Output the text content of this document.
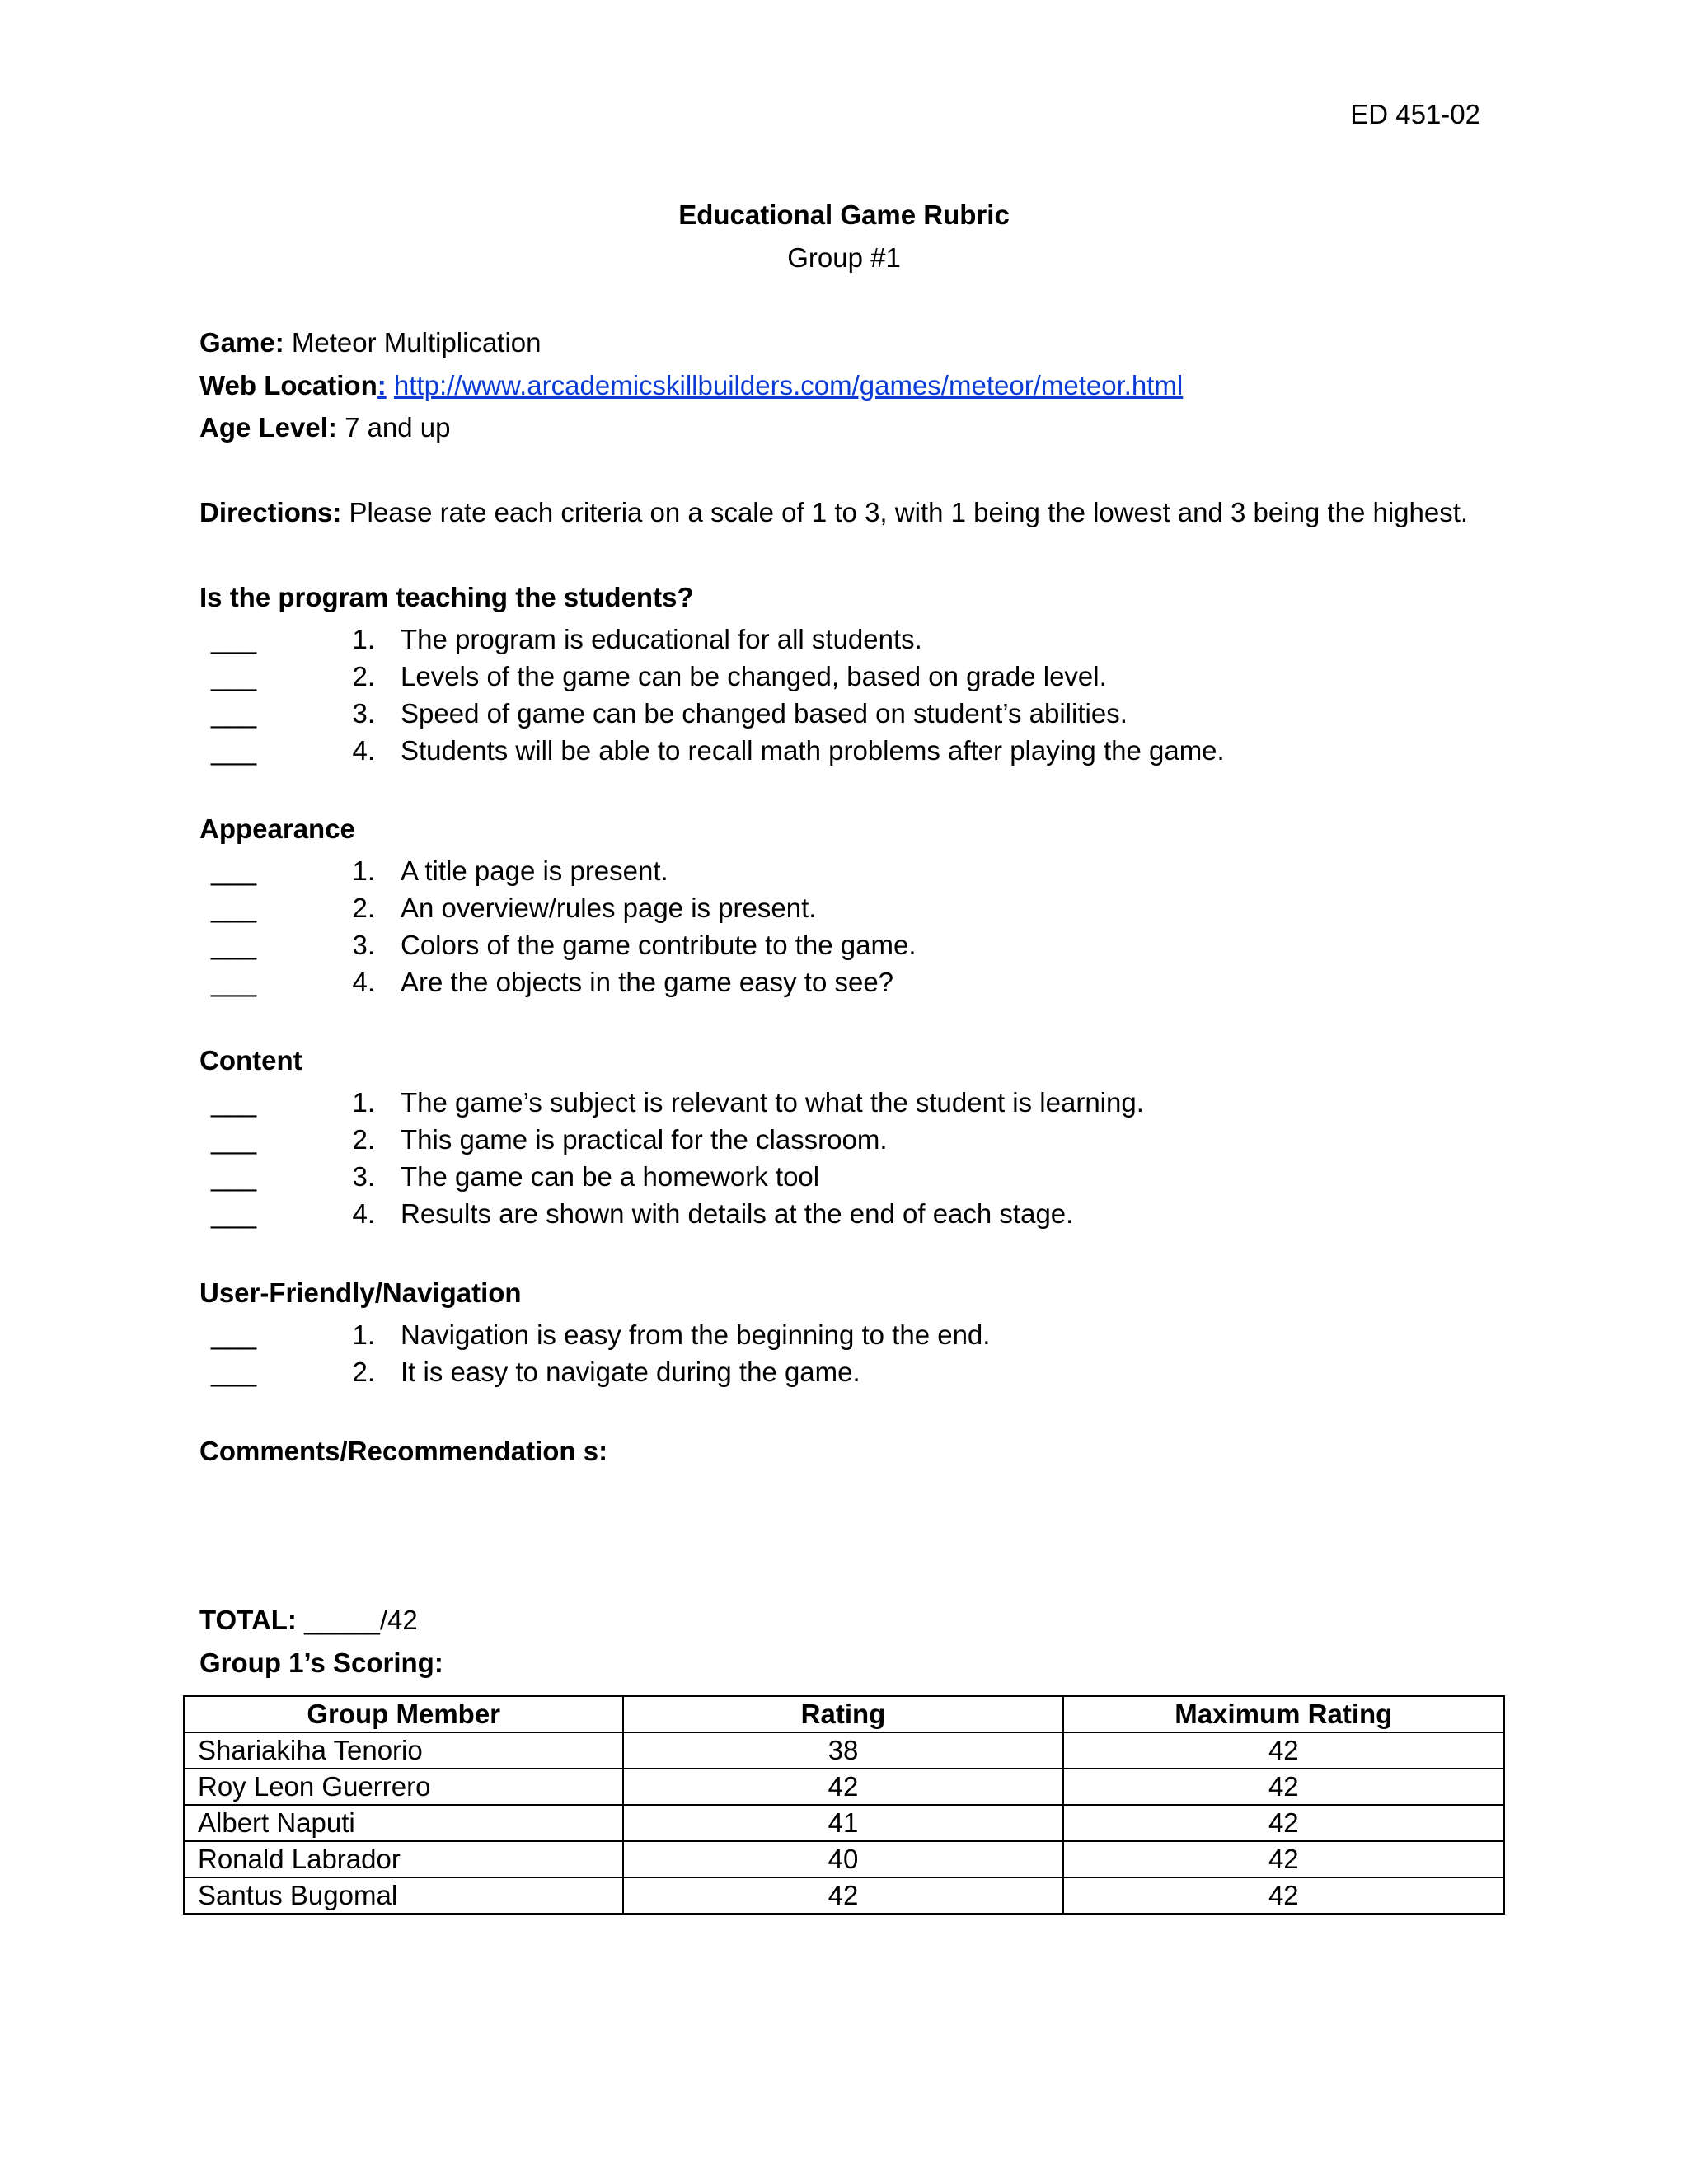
ED 451-02
Educational Game Rubric
Group #1
Game: Meteor Multiplication
Web Location: http://www.arcademicskillbuilders.com/games/meteor/meteor.html
Age Level: 7 and up
Directions: Please rate each criteria on a scale of 1 to 3, with 1 being the lowest and 3 being the highest.
Is the program teaching the students?
___	1. The program is educational for all students.
___	2. Levels of the game can be changed, based on grade level.
___	3. Speed of game can be changed based on student’s abilities.
___	4. Students will be able to recall math problems after playing the game.
Appearance
___	1. A title page is present.
___	2. An overview/rules page is present.
___	3. Colors of the game contribute to the game.
___	4. Are the objects in the game easy to see?
Content
___	1. The game’s subject is relevant to what the student is learning.
___	2. This game is practical for the classroom.
___	3. The game can be a homework tool
___	4. Results are shown with details at the end of each stage.
User-Friendly/Navigation
___	1. Navigation is easy from the beginning to the end.
___	2. It is easy to navigate during the game.
Comments/Recommendation s:
TOTAL: _____/42
Group 1’s Scoring:
Group Member	Rating	Maximum Rating
Shariakiha Tenorio	38	42
Roy Leon Guerrero	42	42
Albert Naputi	41	42
Ronald Labrador	40	42
Santus Bugomal	42	42
